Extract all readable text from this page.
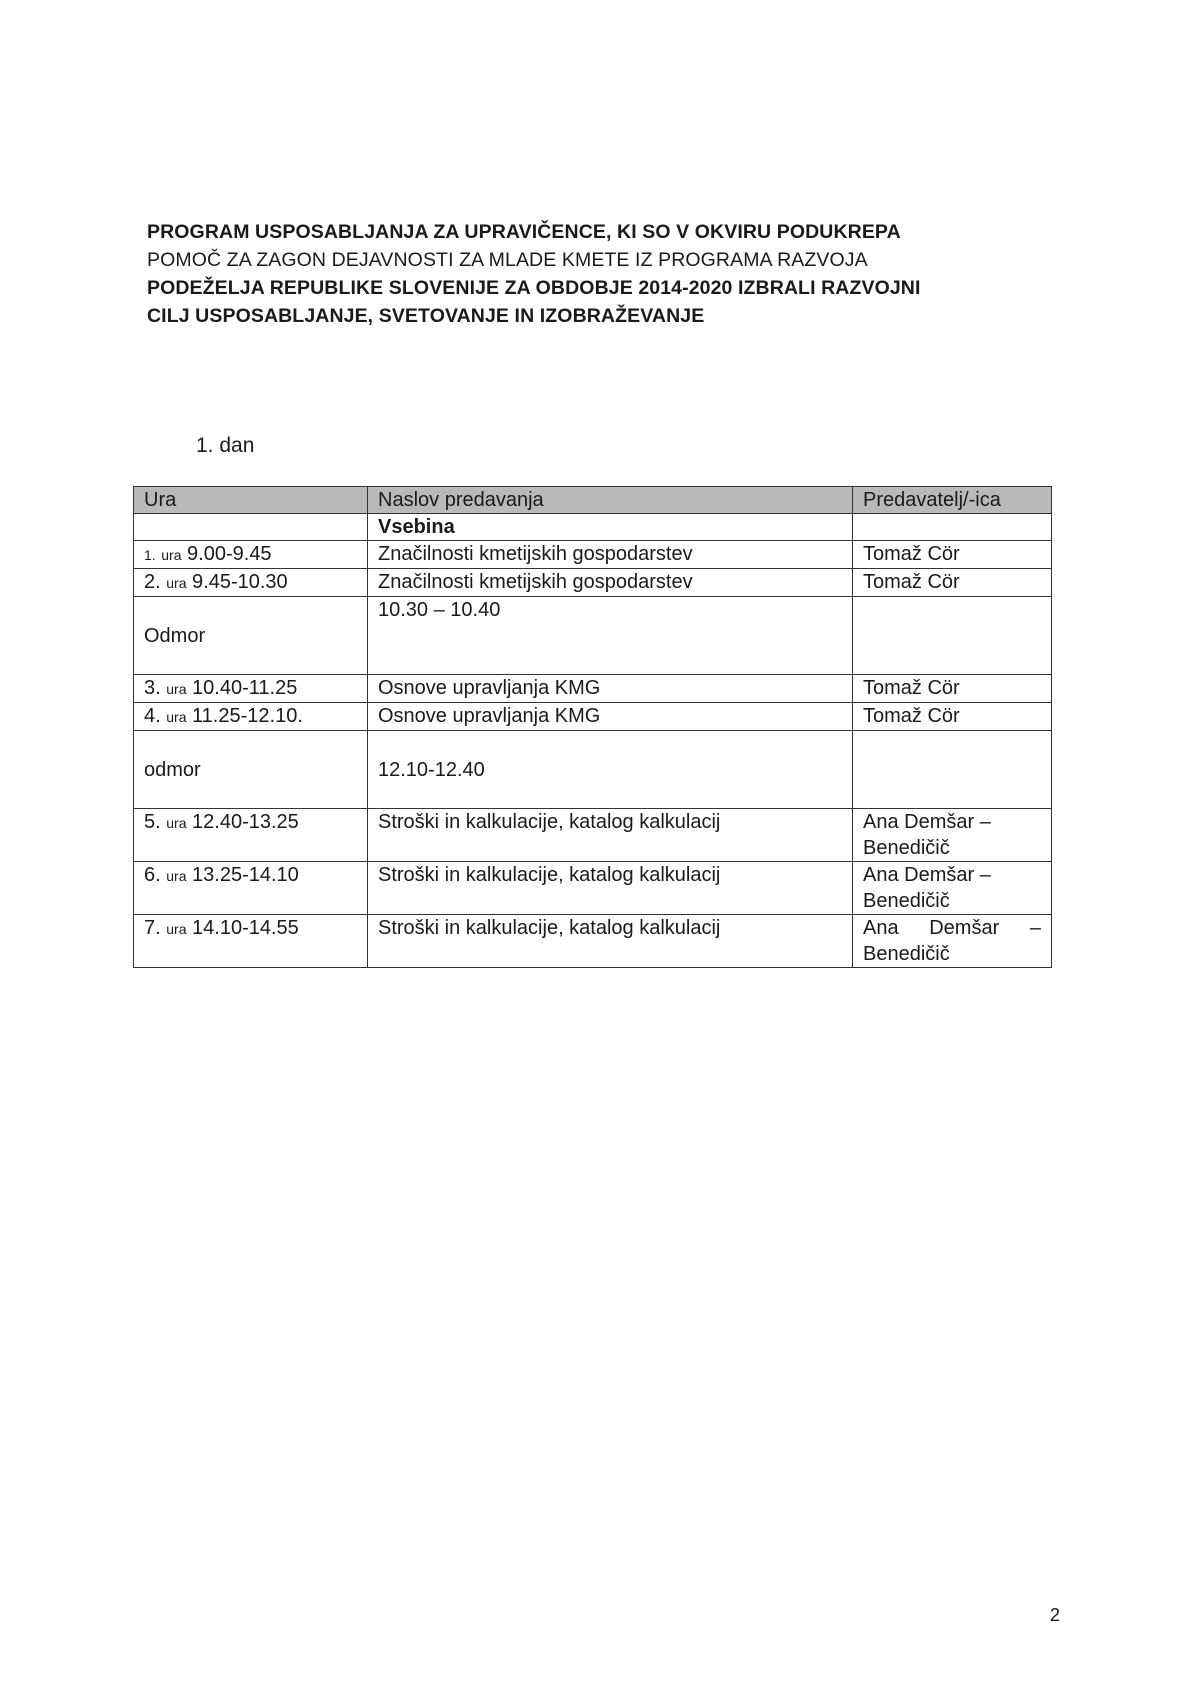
PROGRAM USPOSABLJANJA ZA UPRAVIČENCE, KI SO V OKVIRU PODUKREPA
POMOČ ZA ZAGON DEJAVNOSTI ZA MLADE KMETE IZ PROGRAMA RAZVOJA
PODEŽELJA REPUBLIKE SLOVENIJE ZA OBDOBJE 2014-2020 IZBRALI RAZVOJNI
CILJ USPOSABLJANJE, SVETOVANJE IN IZOBRAŽEVANJE
1. dan
Ura	Naslov predavanja	Predavatelj/-ica
	Vsebina	
1. ura 9.00-9.45	Značilnosti kmetijskih gospodarstev	Tomaž Cör
2. ura 9.45-10.30	Značilnosti kmetijskih gospodarstev	Tomaž Cör
Odmor	10.30 – 10.40	
3. ura 10.40-11.25	Osnove upravljanja KMG	Tomaž Cör
4. ura 11.25-12.10.	Osnove upravljanja KMG	Tomaž Cör
odmor	12.10-12.40	
5. ura 12.40-13.25	Stroški in kalkulacije, katalog kalkulacij	Ana Demšar – Benedičič
6. ura 13.25-14.10	Stroški in kalkulacije, katalog kalkulacij	Ana Demšar – Benedičič
7. ura 14.10-14.55	Stroški in kalkulacije, katalog kalkulacij	Ana Demšar – Benedičič
2
